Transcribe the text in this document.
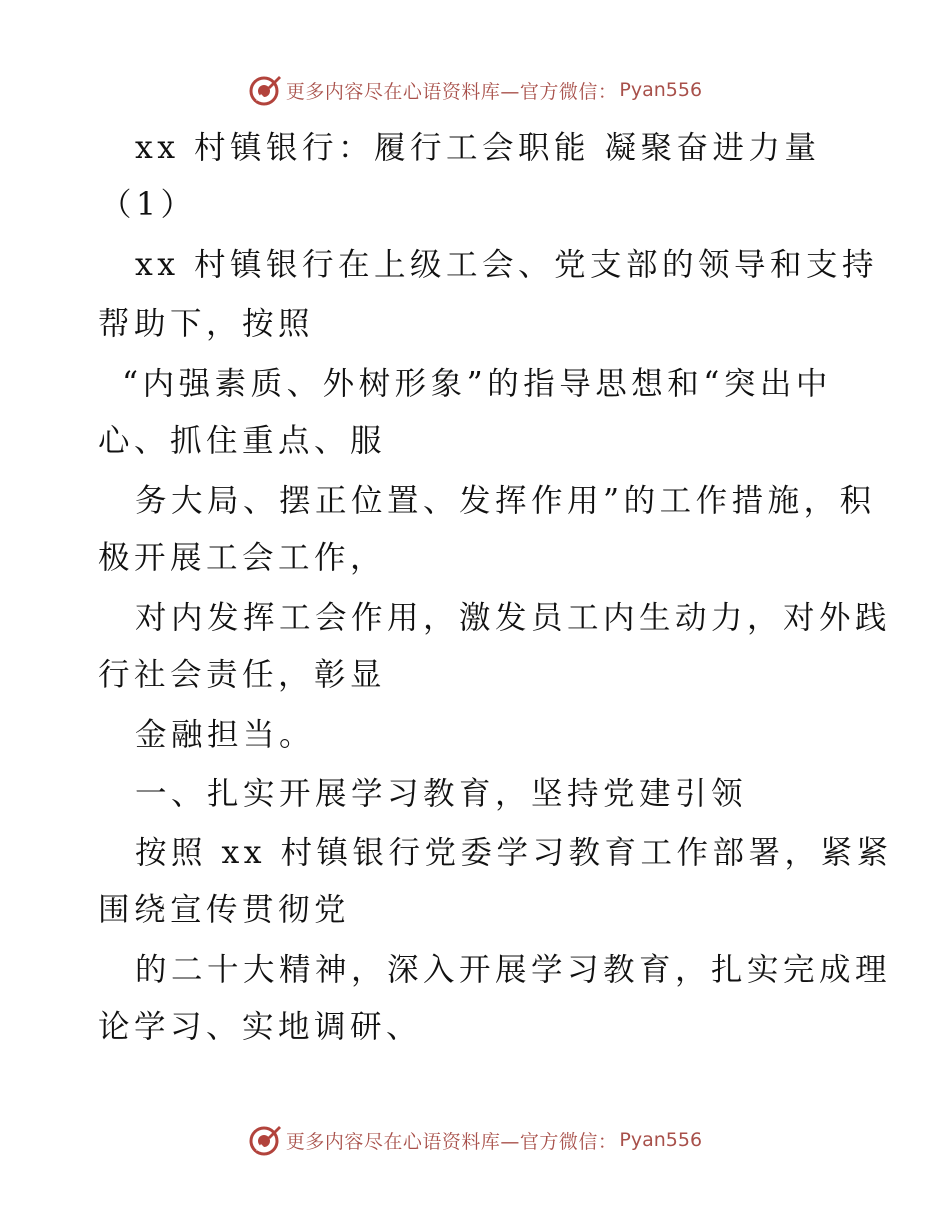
更多内容尽在心语资料库—官方微信： Pyan556
xx 村镇银行：履行工会职能 凝聚奋进力量
（1）
xx 村镇银行在上级工会、党支部的领导和支持
帮助下，按照
“内强素质、外树形象”的指导思想和“突出中
心、抓住重点、服
务大局、摆正位置、发挥作用”的工作措施，积
极开展工会工作，
对内发挥工会作用，激发员工内生动力，对外践
行社会责任，彰显
金融担当。
一、扎实开展学习教育，坚持党建引领
按照 xx 村镇银行党委学习教育工作部署，紧紧
围绕宣传贯彻党
的二十大精神，深入开展学习教育，扎实完成理
论学习、实地调研、
更多内容尽在心语资料库—官方微信： Pyan556
